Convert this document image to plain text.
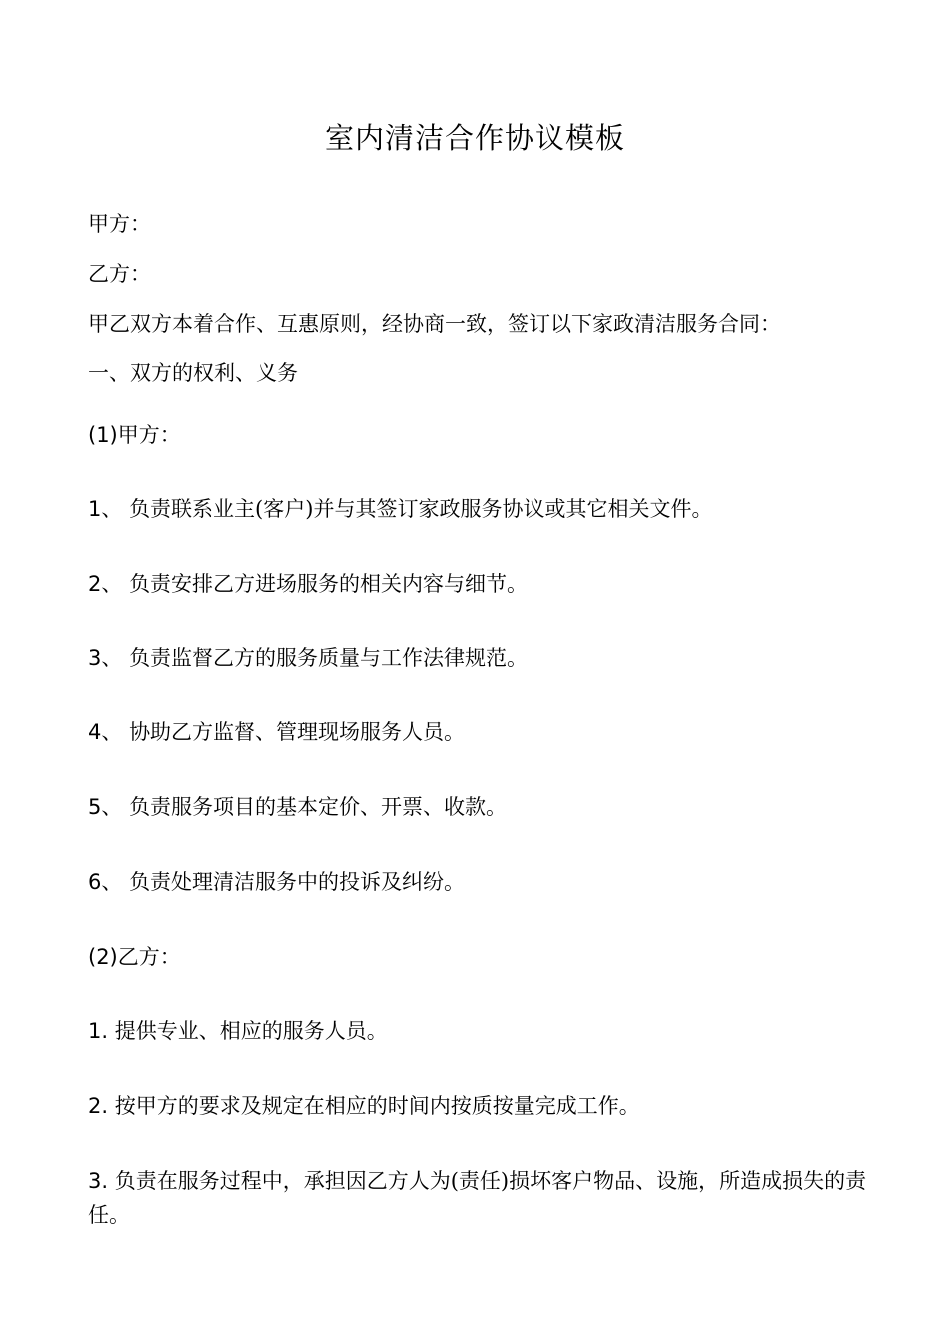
室内清洁合作协议模板
甲方：
乙方：
甲乙双方本着合作、互惠原则，经协商一致，签订以下家政清洁服务合同：
一、双方的权利、义务
(1)甲方：
1、 负责联系业主(客户)并与其签订家政服务协议或其它相关文件。
2、 负责安排乙方进场服务的相关内容与细节。
3、 负责监督乙方的服务质量与工作法律规范。
4、 协助乙方监督、管理现场服务人员。
5、 负责服务项目的基本定价、开票、收款。
6、 负责处理清洁服务中的投诉及纠纷。
(2)乙方：
1. 提供专业、相应的服务人员。
2. 按甲方的要求及规定在相应的时间内按质按量完成工作。
3. 负责在服务过程中，承担因乙方人为(责任)损坏客户物品、设施，所造成损失的责任。
